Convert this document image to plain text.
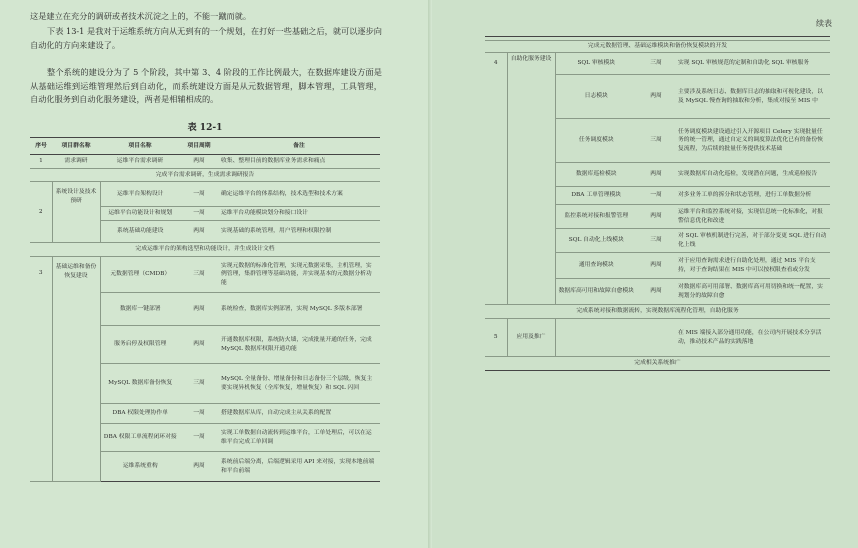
这是建立在充分的调研或者技术沉淀之上的，不能一蹴而就。
下表 13-1 是我对于运维系统方向从无到有的一个规划，在打好一些基础之后，就可以逐步向自动化的方向来建设了。
整个系统的建设分为了 5 个阶段，其中第 3、4 阶段的工作比例最大，在数据库建设方面是从基础运维到运维管理然后到自动化，而系统建设方面是从元数据管理，脚本管理，工具管理，自动化服务到自动化服务建设，两者是相辅相成的。
表 12-1
序号	项目群名称	项目名称	项目周期	备注
1	需求调研	运维平台需求调研	两周	收集、整理目前的数据库业务需求和痛点
完成平台需求调研，生成需求调研报告				
2	系统设计及技术预研	运维平台架构设计	一周	确定运维平台的体系结构，技术选型和技术方案
		运维平台功能设计和规划	一周	运维平台功能模块划分和接口设计
		系统基础功能建设	两周	实现基础的系统管理，用户管理和权限控制
完成运维平台的架构选型和功能设计，并生成设计文档				
3	基础运维和备份恢复建设	元数据管理（CMDB）	三周	实现元数据的标准化管理，实现元数据采集，主机管理，实例管理，集群管理等基础功能，并实现基本的元数据分析功能
		数据库一键部署	两周	系统检查，数据库实例部署，实现 MySQL 多版本部署
		服务启停及权限管理	两周	开通数据库权限，系统防火墙，完成批量开通的任务，完成 MySQL 数据库权限开通功能
		MySQL 数据库备份恢复	三周	MySQL 全量备份、增量备份和日志备份三个层级，恢复主要实现异机恢复（全库恢复，增量恢复）和 SQL 闪回
		DBA 权限处理协作单	一周	搭建数据库从库，自动完成主从关系的配置
		DBA 权限工单流程闭环对接	一周	实现工单数据自动流转到运维平台，工单处理后，可以在运维平台完成工单回调
		运维系统重构	两周	系统前后端分离，后端逻辑采用 API 来对接，实现本地前端和平台前端
续表
完成元数据管理、基础运维模块和备份恢复模块的开发				
4	自助化服务建设	SQL 审核模块	三周	实现 SQL 审核规范的定制和自助化 SQL 审核服务
		日志模块	两周	主要涉及系统日志、数据库日志的抽取和可视化建设，以及 MySQL 慢查询的抽取和分析，集成对接至 MIS 中
		任务调度模块	三周	任务调度模块建设通过引入开源项目 Celery 实现批量任务的统一管理，通过自定义的调度算法优化已有的备份恢复流程，为后续的批量任务提供技术基础
		数据库巡检模块	两周	实现数据库自动化巡检，发现潜在问题，生成巡检报告
		DBA 工单管理模块	一周	对多业务工单的拆分和状态管理，进行工单数据分析
		监控系统对接和报警管理	两周	运维平台和监控系统对接，实现信息统一化标准化，对报警信息优化和改进
		SQL 自动化上线模块	三周	对 SQL 审核机制进行完善，对于部分变更 SQL 进行自动化上线
		通用查询模块	两周	对于应用查询需求进行自助化处理，通过 MIS 平台支持，对于查询结果在 MIS 中可以按权限查看或分发
		数据库高可用和故障自愈模块	两周	对数据库高可用部署、数据库高可用切换和统一配置，实现划分的故障自愈
完成系统对接和数据流转，实现数据库流程化管理，自助化服务				
5	应用及推广			在 MIS 端接入部分通用功能，在公司内开展技术分享活动，推动技术产品的实践落地
完成相关系统推广				
